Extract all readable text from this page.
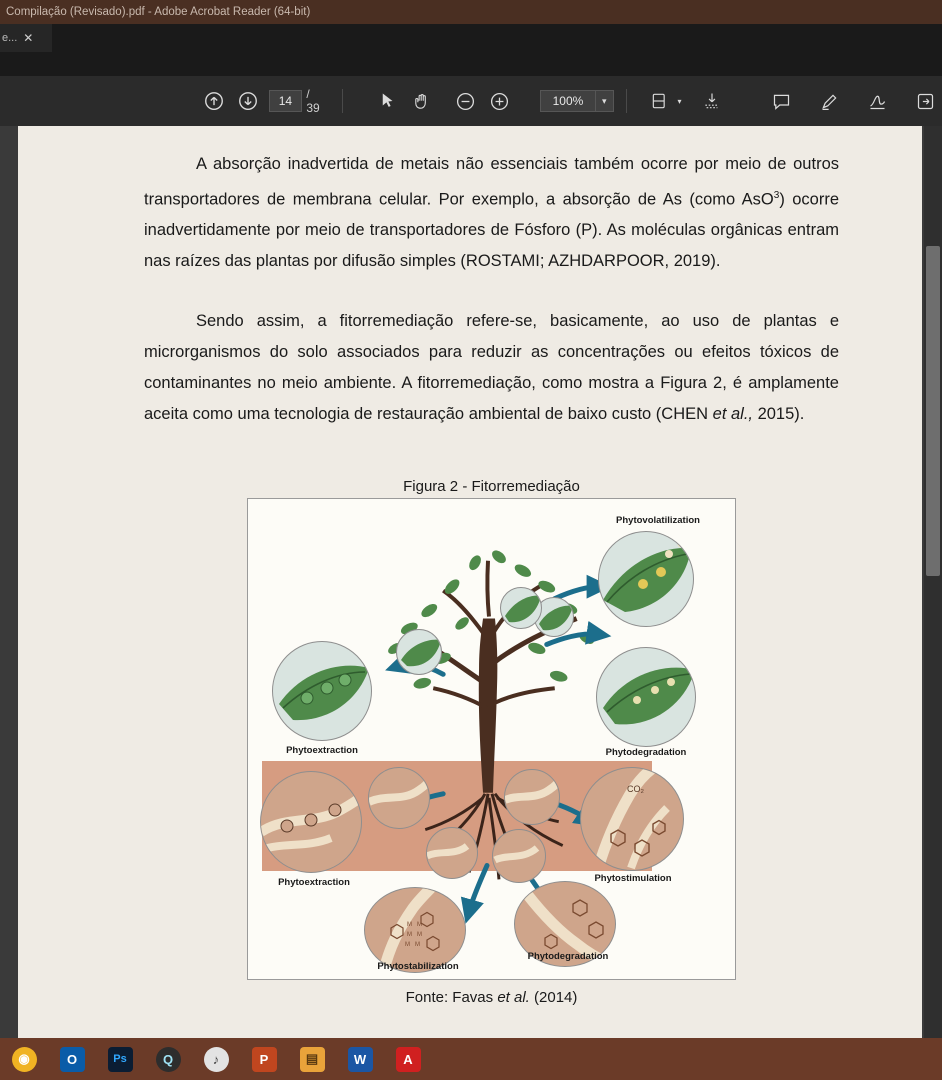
Compilação (Revisado).pdf - Adobe Acrobat Reader (64-bit)
e... ✕
14	/ 39	100%	▾	▾

A absorção inadvertida de metais não essenciais também ocorre por meio de outros transportadores de membrana celular. Por exemplo, a absorção de As (como AsO$^3$) ocorre inadvertidamente por meio de transportadores de Fósforo (P). As moléculas orgânicas entram nas raízes das plantas por difusão simples (ROSTAMI; AZHDARPOOR, 2019).

Sendo assim, a fitorremediação refere-se, basicamente, ao uso de plantas e microrganismos do solo associados para reduzir as concentrações ou efeitos tóxicos de contaminantes no meio ambiente. A fitorremediação, como mostra a Figura 2, é amplamente aceita como uma tecnologia de restauração ambiental de baixo custo (CHEN et al., 2015).

Figura 2 - Fitorremediação
Phytovolatilization
Phytoextraction	Phytodegradation
Phytoextraction
CO₂
Phytostimulation
M M
M M
M M
Phytostabilization
Phytodegradation
Fonte: Favas et al. (2014)
◉	O	Ps	Q	♪	P	▤	W	A
